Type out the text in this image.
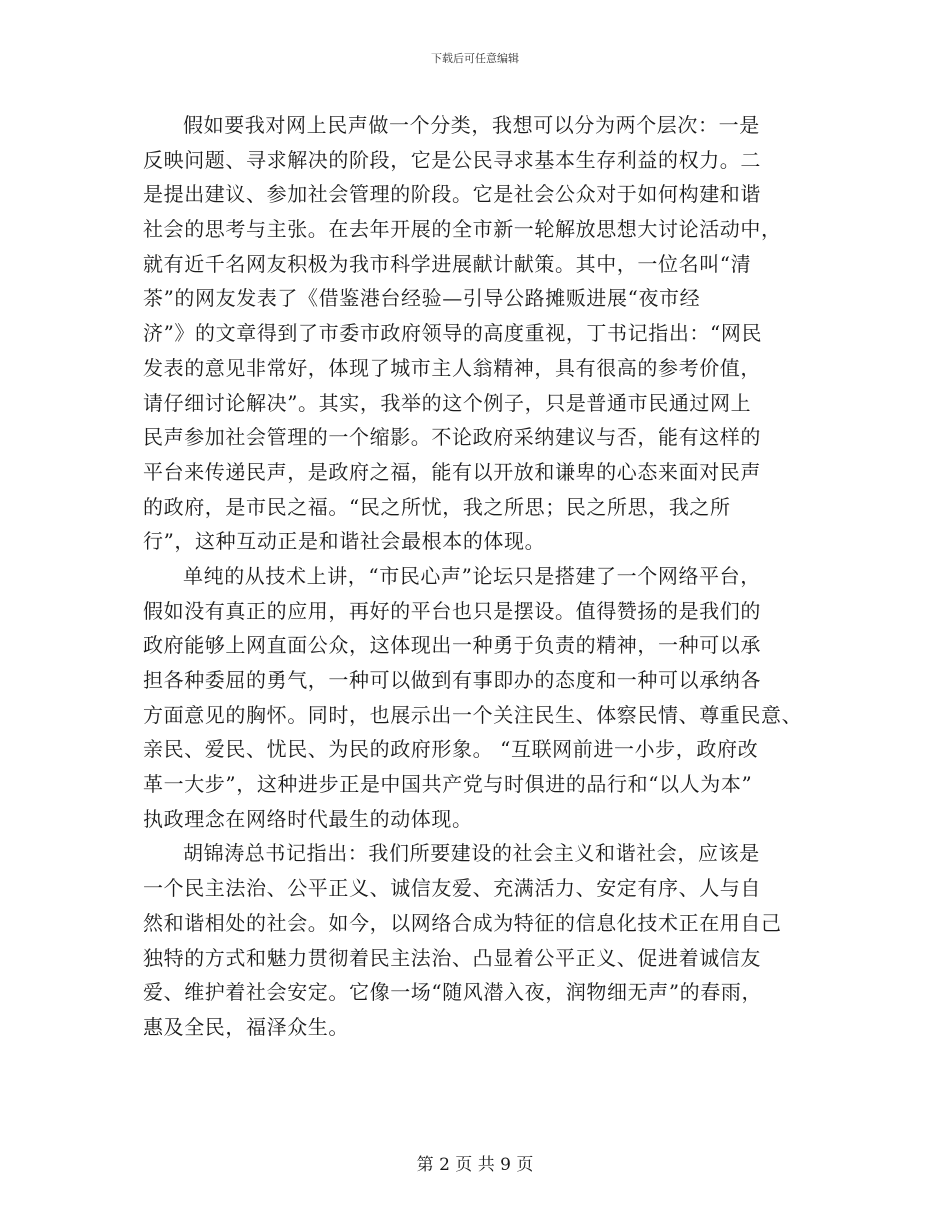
下载后可任意编辑
假如要我对网上民声做一个分类，我想可以分为两个层次：一是
反映问题、寻求解决的阶段，它是公民寻求基本生存利益的权力。二
是提出建议、参加社会管理的阶段。它是社会公众对于如何构建和谐
社会的思考与主张。在去年开展的全市新一轮解放思想大讨论活动中，
就有近千名网友积极为我市科学进展献计献策。其中，一位名叫“清
茶”的网友发表了《借鉴港台经验—引导公路摊贩进展“夜市经
济”》的文章得到了市委市政府领导的高度重视，丁书记指出：“网民
发表的意见非常好，体现了城市主人翁精神，具有很高的参考价值，
请仔细讨论解决”。其实，我举的这个例子，只是普通市民通过网上
民声参加社会管理的一个缩影。不论政府采纳建议与否，能有这样的
平台来传递民声，是政府之福，能有以开放和谦卑的心态来面对民声
的政府，是市民之福。“民之所忧，我之所思；民之所思，我之所
行”，这种互动正是和谐社会最根本的体现。
单纯的从技术上讲，“市民心声”论坛只是搭建了一个网络平台，
假如没有真正的应用，再好的平台也只是摆设。值得赞扬的是我们的
政府能够上网直面公众，这体现出一种勇于负责的精神，一种可以承
担各种委屈的勇气，一种可以做到有事即办的态度和一种可以承纳各
方面意见的胸怀。同时，也展示出一个关注民生、体察民情、尊重民意、
亲民、爱民、忧民、为民的政府形象。 “互联网前进一小步，政府改
革一大步”，这种进步正是中国共产党与时俱进的品行和“以人为本”
执政理念在网络时代最生的动体现。
胡锦涛总书记指出：我们所要建设的社会主义和谐社会，应该是
一个民主法治、公平正义、诚信友爱、充满活力、安定有序、人与自
然和谐相处的社会。如今，以网络合成为特征的信息化技术正在用自己
独特的方式和魅力贯彻着民主法治、凸显着公平正义、促进着诚信友
爱、维护着社会安定。它像一场“随风潜入夜，润物细无声”的春雨，
惠及全民，福泽众生。
第 2 页 共 9 页
